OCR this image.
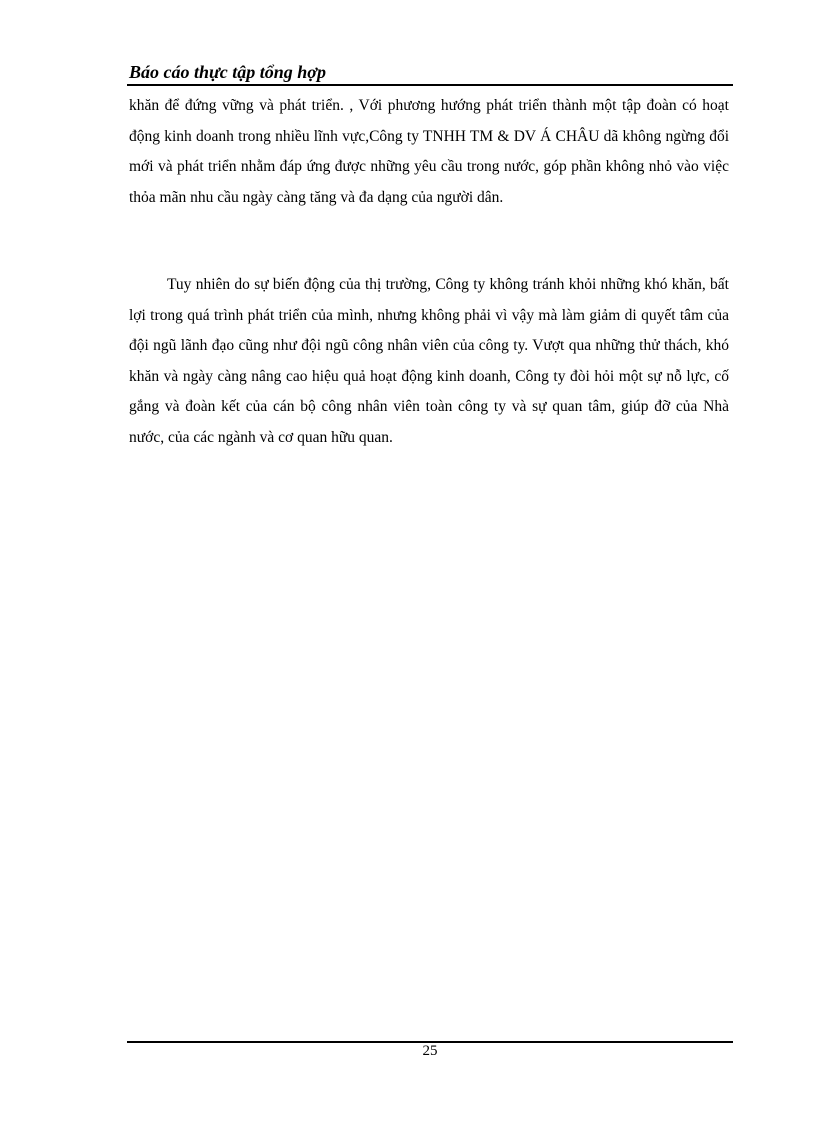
Báo cáo thực tập tổng hợp

khăn để đứng vững và phát triển. , Với phương hướng phát triển thành một tập đoàn có hoạt động kinh doanh trong nhiều lĩnh vực,Công ty TNHH TM & DV Á CHÂU dã không ngừng đổi mới và phát triển nhằm đáp ứng được những yêu cầu trong nước, góp phần không nhỏ vào việc thỏa mãn nhu cầu ngày càng tăng và đa dạng của người dân.

Tuy nhiên do sự biến động của thị trường, Công ty không tránh khỏi những khó khăn, bất lợi trong quá trình phát triển của mình, nhưng không phải vì vậy mà làm giảm di quyết tâm của đội ngũ lãnh đạo cũng như đội ngũ công nhân viên của công ty. Vượt qua những thử thách, khó khăn và ngày càng nâng cao hiệu quả hoạt động kinh doanh, Công ty đòi hỏi một sự nỗ lực, cố gắng và đoàn kết của cán bộ công nhân viên toàn công ty và sự quan tâm, giúp đỡ của Nhà nước, của các ngành và cơ quan hữu quan.

25
